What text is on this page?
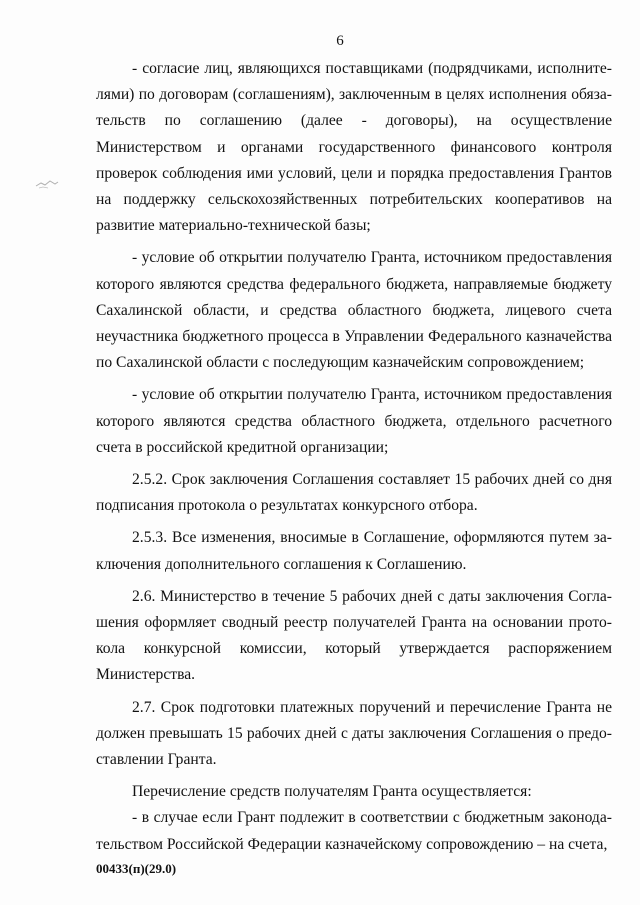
6

- согласие лиц, являющихся поставщиками (подрядчиками, исполнителями) по договорам (соглашениям), заключенным в целях исполнения обязательств по соглашению (далее - договоры), на осуществление Министерством и органами государственного финансового контроля проверок соблюдения ими условий, цели и порядка предоставления Грантов на поддержку сельскохозяйственных потребительских кооперативов на развитие материально-технической базы;

- условие об открытии получателю Гранта, источником предоставления которого являются средства федерального бюджета, направляемые бюджету Сахалинской области, и средства областного бюджета, лицевого счета неучастника бюджетного процесса в Управлении Федерального казначейства по Сахалинской области с последующим казначейским сопровождением;

- условие об открытии получателю Гранта, источником предоставления которого являются средства областного бюджета, отдельного расчетного счета в российской кредитной организации;

2.5.2. Срок заключения Соглашения составляет 15 рабочих дней со дня подписания протокола о результатах конкурсного отбора.

2.5.3. Все изменения, вносимые в Соглашение, оформляются путем заключения дополнительного соглашения к Соглашению.

2.6. Министерство в течение 5 рабочих дней с даты заключения Соглашения оформляет сводный реестр получателей Гранта на основании протокола конкурсной комиссии, который утверждается распоряжением Министерства.

2.7. Срок подготовки платежных поручений и перечисление Гранта не должен превышать 15 рабочих дней с даты заключения Соглашения о предоставлении Гранта.

Перечисление средств получателям Гранта осуществляется:

- в случае если Грант подлежит в соответствии с бюджетным законодательством Российской Федерации казначейскому сопровождению – на счета,

00433(п)(29.0)
